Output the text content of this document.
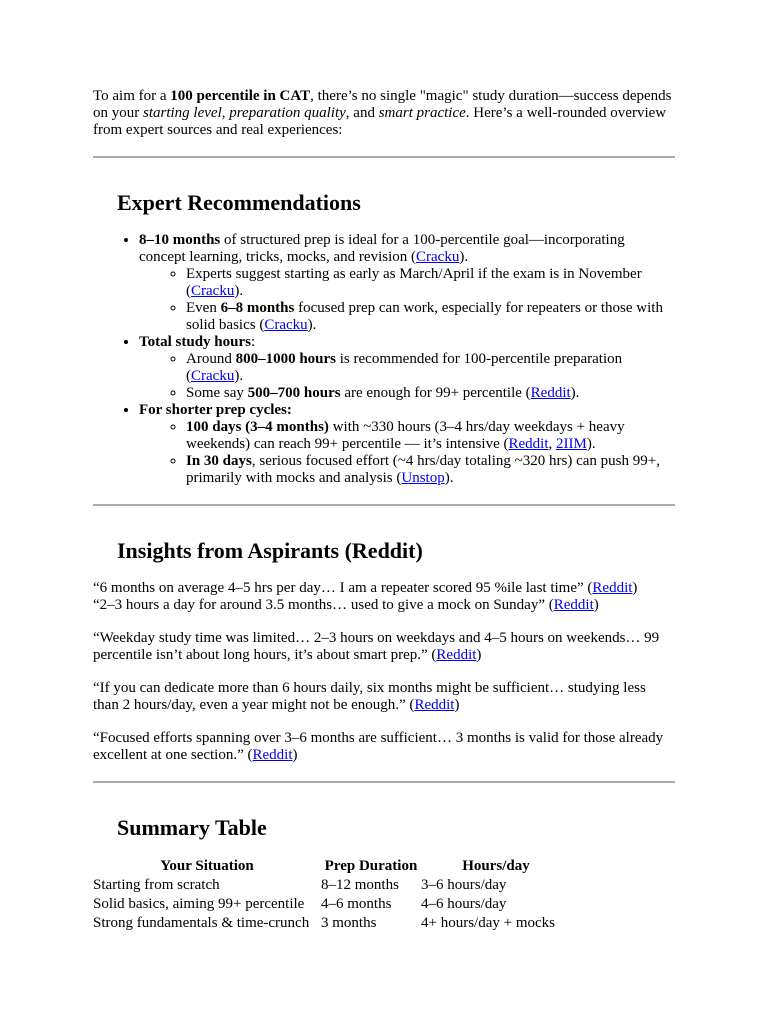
To aim for a 100 percentile in CAT, there’s no single "magic" study duration—success depends on your starting level, preparation quality, and smart practice. Here’s a well-rounded overview from expert sources and real experiences:

Expert Recommendations
• 8–10 months of structured prep is ideal for a 100-percentile goal—incorporating concept learning, tricks, mocks, and revision (Cracku).
◦ Experts suggest starting as early as March/April if the exam is in November (Cracku).
◦ Even 6–8 months focused prep can work, especially for repeaters or those with solid basics (Cracku).
• Total study hours:
◦ Around 800–1000 hours is recommended for 100-percentile preparation (Cracku).
◦ Some say 500–700 hours are enough for 99+ percentile (Reddit).
• For shorter prep cycles:
◦ 100 days (3–4 months) with ~330 hours (3–4 hrs/day weekdays + heavy weekends) can reach 99+ percentile — it’s intensive (Reddit, 2IIM).
◦ In 30 days, serious focused effort (~4 hrs/day totaling ~320 hrs) can push 99+, primarily with mocks and analysis (Unstop).
Insights from Aspirants (Reddit)

“6 months on average 4–5 hrs per day… I am a repeater scored 95 %ile last time” (Reddit)
“2–3 hours a day for around 3.5 months… used to give a mock on Sunday” (Reddit)

“Weekday study time was limited… 2–3 hours on weekdays and 4–5 hours on weekends… 99 percentile isn’t about long hours, it’s about smart prep.” (Reddit)

“If you can dedicate more than 6 hours daily, six months might be sufficient… studying less than 2 hours/day, even a year might not be enough.” (Reddit)

“Focused efforts spanning over 3–6 months are sufficient… 3 months is valid for those already excellent at one section.” (Reddit)

Summary Table
Your Situation	Prep Duration	Hours/day
Starting from scratch	8–12 months	3–6 hours/day
Solid basics, aiming 99+ percentile	4–6 months	4–6 hours/day
Strong fundamentals & time-crunch	3 months	4+ hours/day + mocks
